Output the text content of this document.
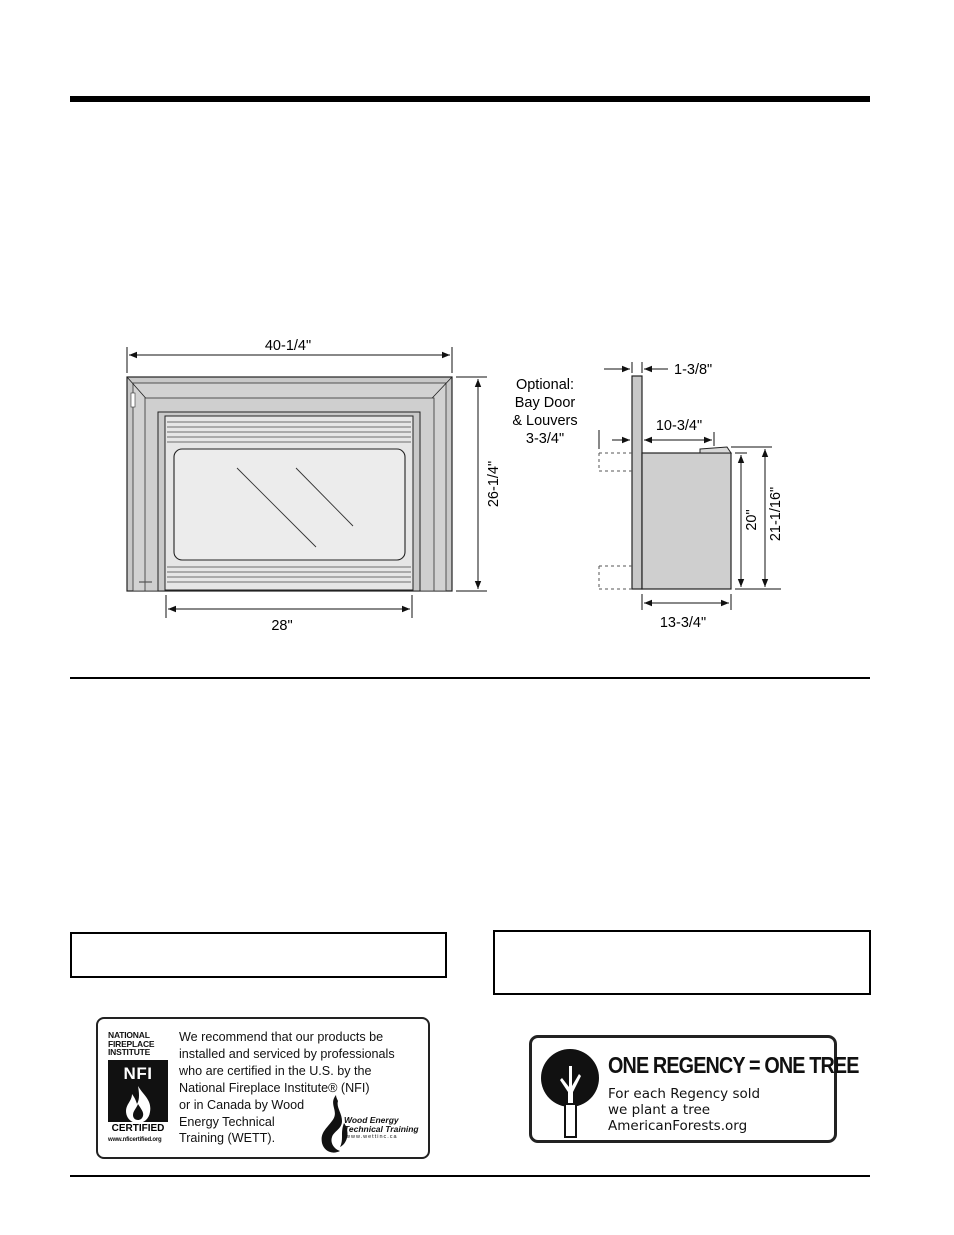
40-1/4"
26-1/4"
28"
1-3/8"
Optional:
Bay Door
& Louvers
3-3/4"
10-3/4"
20" 21-1/16"
13-3/4"

NATIONAL

FIREPLACE

INSTITUTE

NFI
CERTIFIED
www.nficertified.org
We recommend that our products be
installed and serviced by professionals
who are certified in the U.S. by the
National Fireplace Institute® (NFI)
or in Canada by Wood
Energy Technical
Training (WETT).
Wood Energy
Technical Training
www.wettinc.ca
ONE REGENCY = ONE TREE
For each Regency sold
we plant a tree
AmericanForests.org
